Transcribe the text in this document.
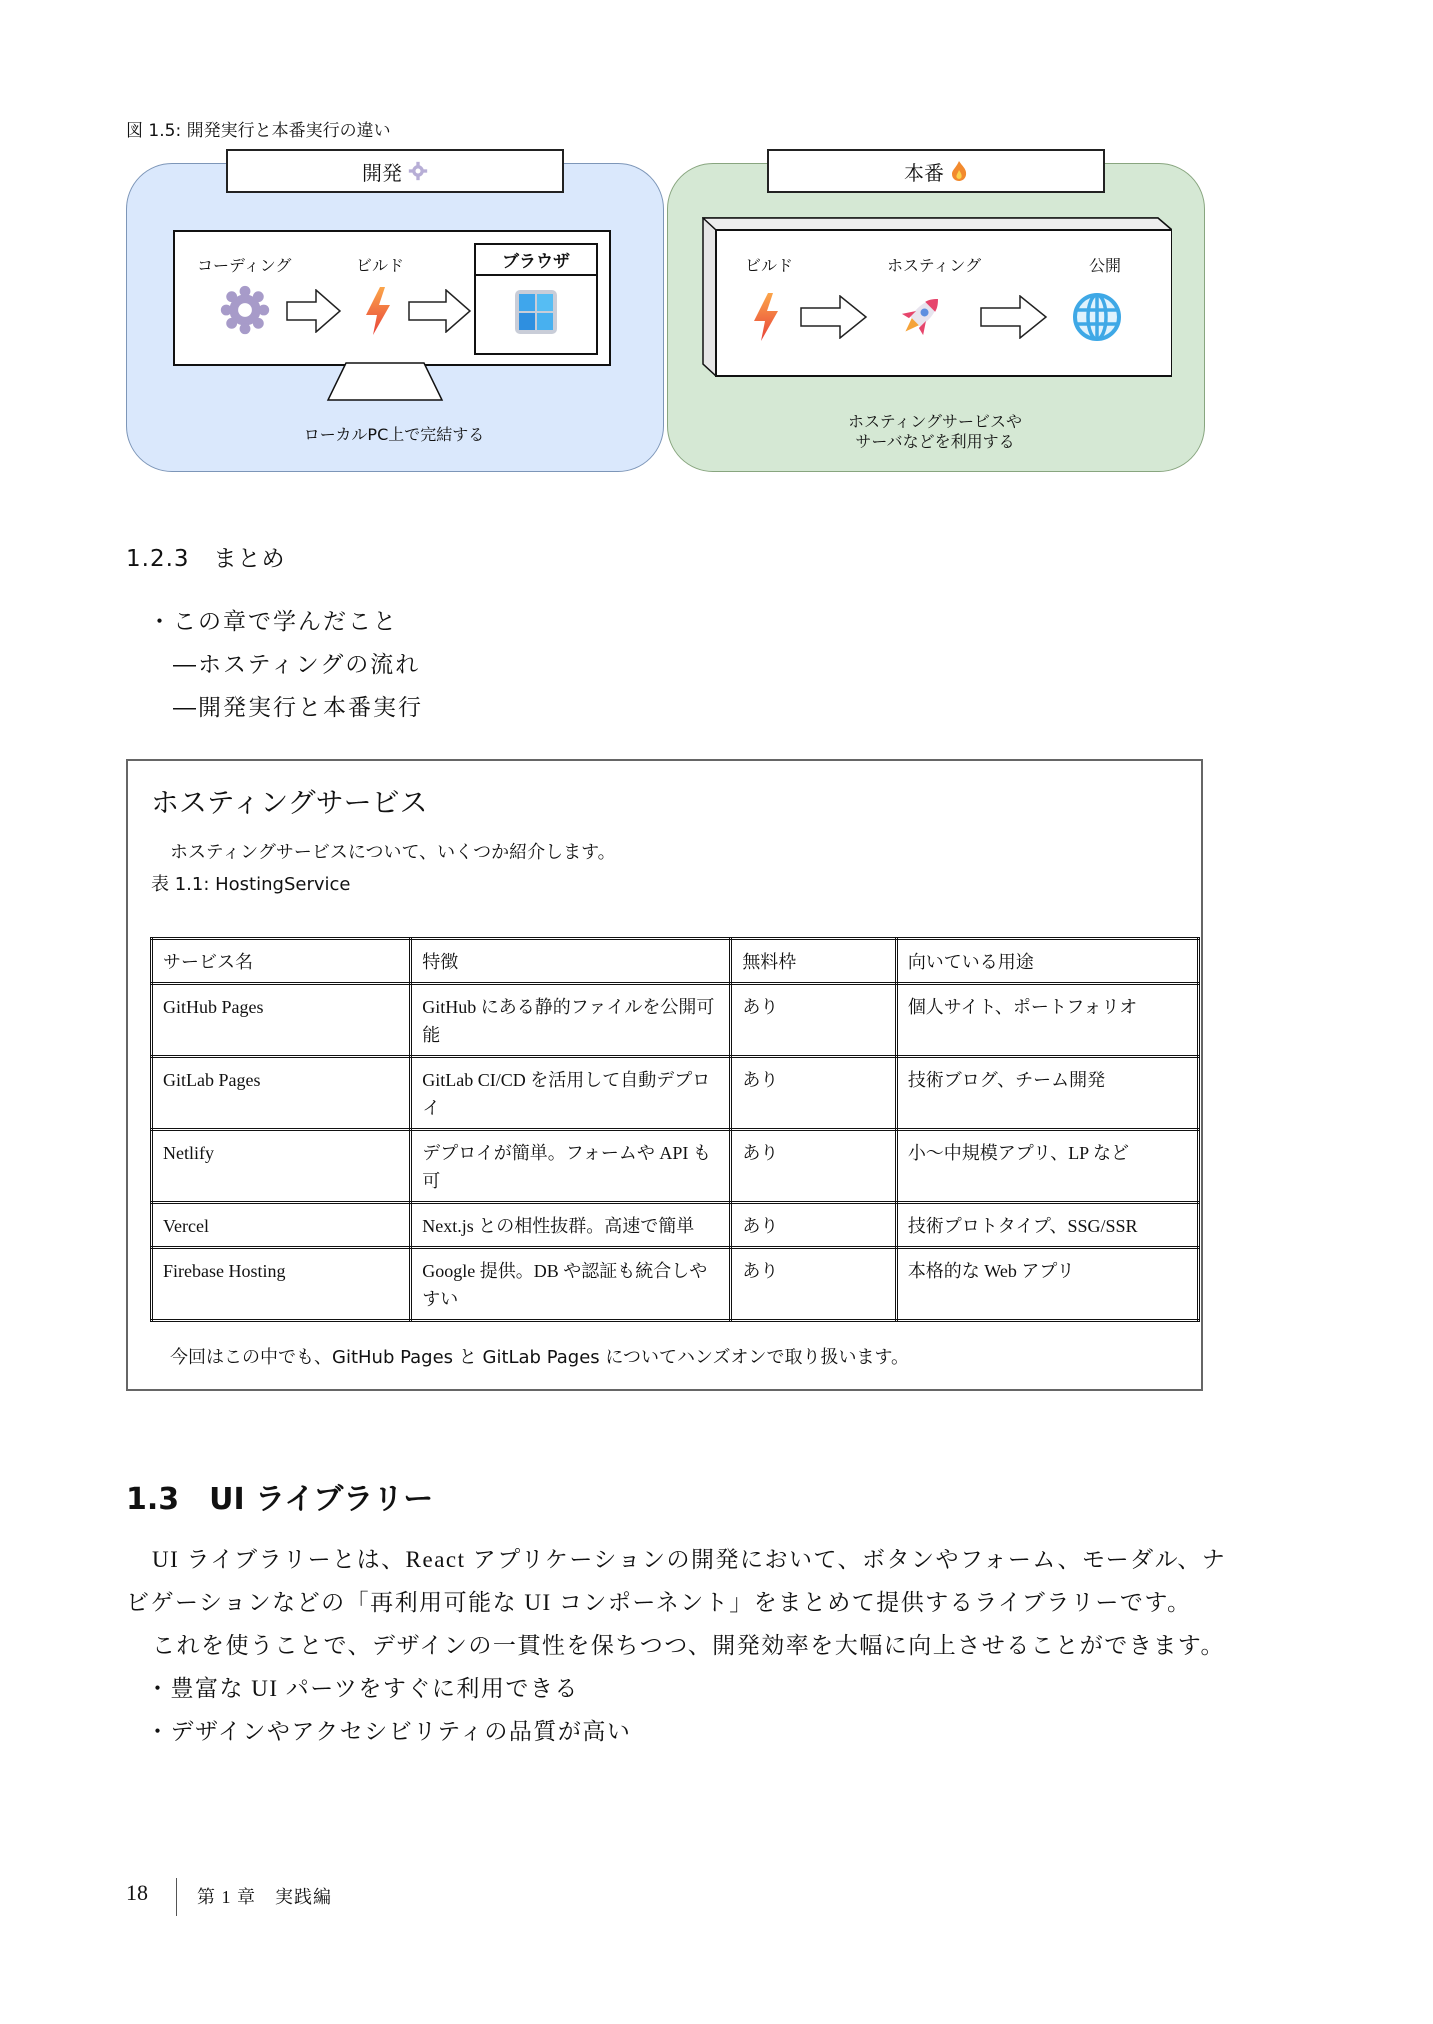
図 1.5: 開発実行と本番実行の違い
開発	本番
コーディング	ビルド	ブラウザ
ローカルPC上で完結する
ビルド	ホスティング	公開
ホスティングサービスや
サーバなどを利用する
1.2.3　まとめ
・この章で学んだこと
―ホスティングの流れ
―開発実行と本番実行
ホスティングサービス
ホスティングサービスについて、いくつか紹介します。
表 1.1: HostingService
サービス名	特徴	無料枠	向いている用途
GitHub Pages	GitHub にある静的ファイルを公開可能	あり	個人サイト、ポートフォリオ
GitLab Pages	GitLab CI/CD を活用して自動デプロイ	あり	技術ブログ、チーム開発
Netlify	デプロイが簡単。フォームや API も可	あり	小〜中規模アプリ、LP など
Vercel	Next.js との相性抜群。高速で簡単	あり	技術プロトタイプ、SSG/SSR
Firebase Hosting	Google 提供。DB や認証も統合しやすい	あり	本格的な Web アプリ
今回はこの中でも、GitHub Pages と GitLab Pages についてハンズオンで取り扱います。
1.3　UI ライブラリー
UI ライブラリーとは、React アプリケーションの開発において、ボタンやフォーム、モーダル、ナ
ビゲーションなどの「再利用可能な UI コンポーネント」をまとめて提供するライブラリーです。
これを使うことで、デザインの一貫性を保ちつつ、開発効率を大幅に向上させることができます。
・豊富な UI パーツをすぐに利用できる
・デザインやアクセシビリティの品質が高い
18	第 1 章　実践編
